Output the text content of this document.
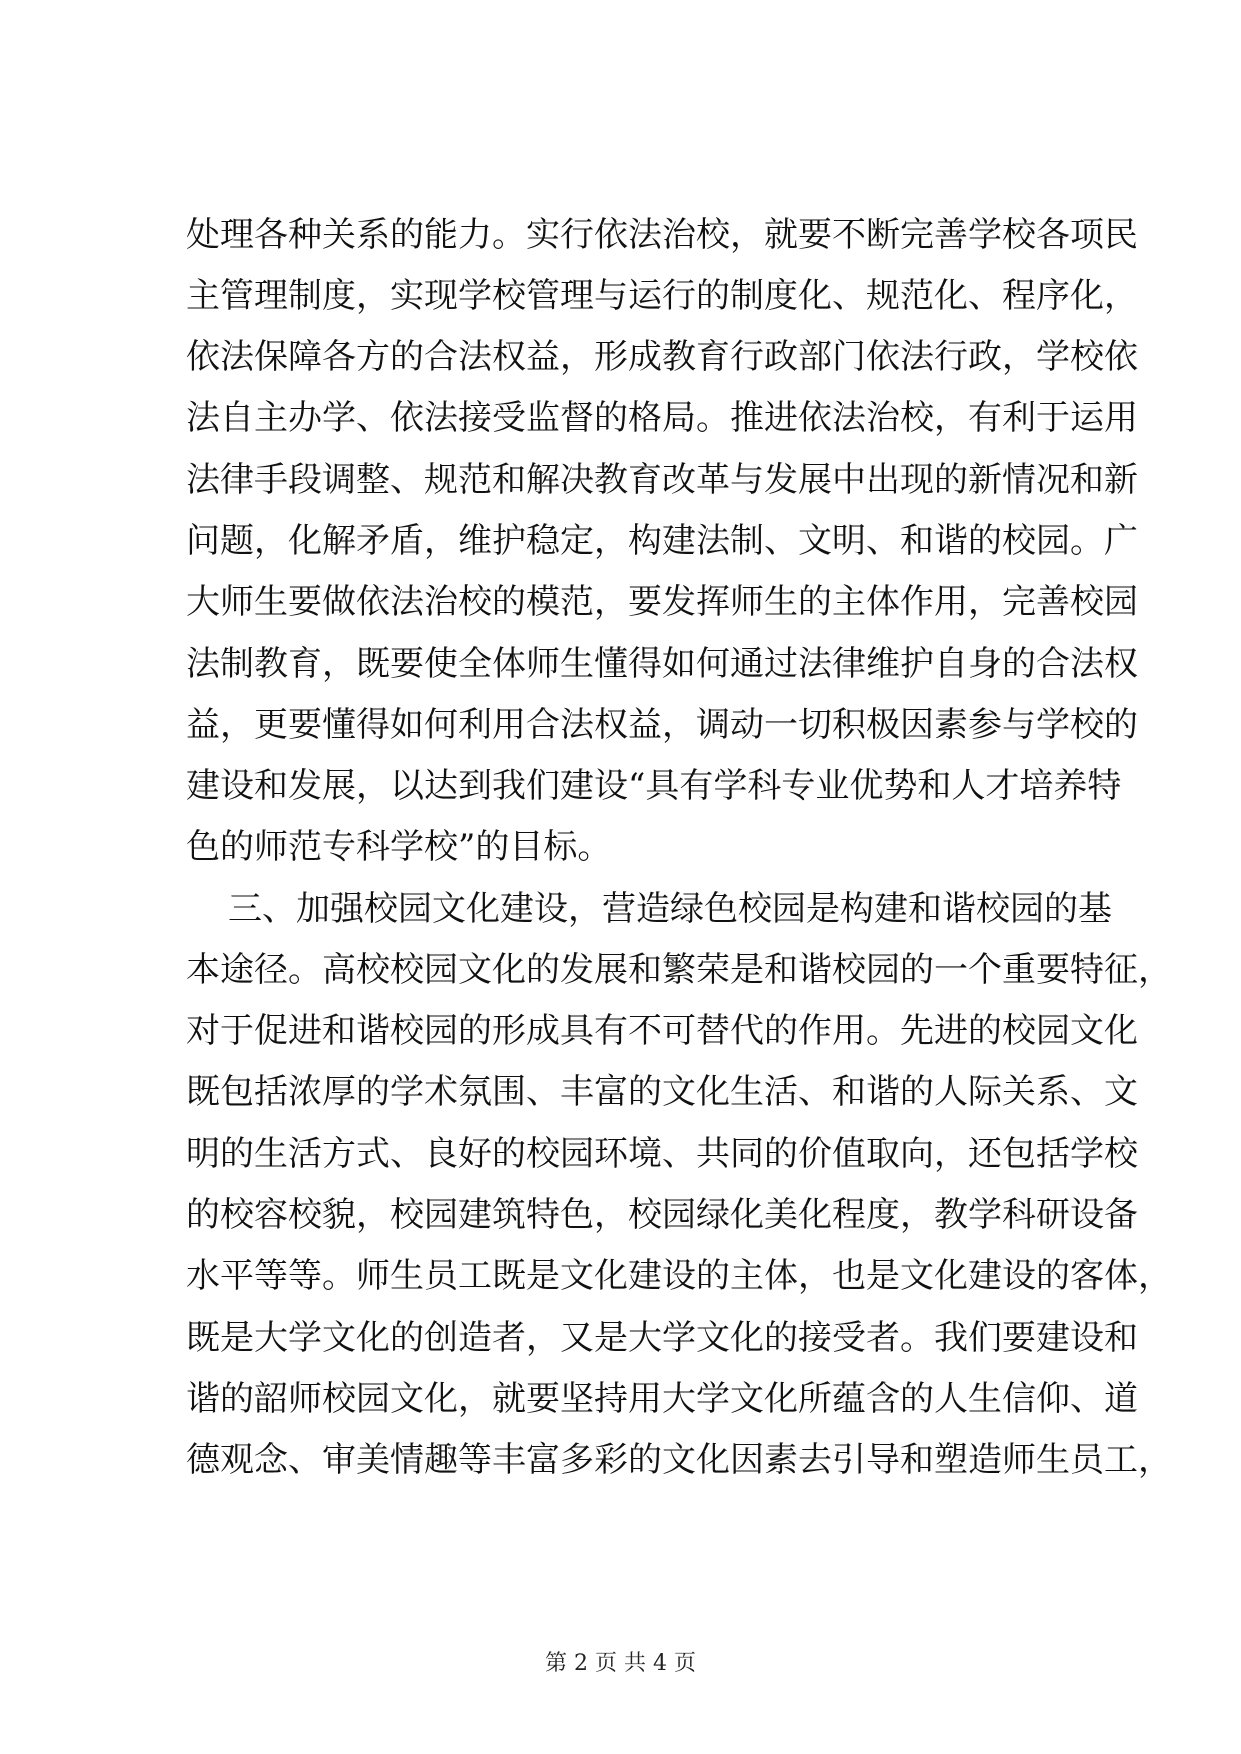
处理各种关系的能力。实行依法治校，就要不断完善学校各项民
主管理制度，实现学校管理与运行的制度化、规范化、程序化，
依法保障各方的合法权益，形成教育行政部门依法行政，学校依
法自主办学、依法接受监督的格局。推进依法治校，有利于运用
法律手段调整、规范和解决教育改革与发展中出现的新情况和新
问题，化解矛盾，维护稳定，构建法制、文明、和谐的校园。广
大师生要做依法治校的模范，要发挥师生的主体作用，完善校园
法制教育，既要使全体师生懂得如何通过法律维护自身的合法权
益，更要懂得如何利用合法权益，调动一切积极因素参与学校的
建设和发展，以达到我们建设“具有学科专业优势和人才培养特
色的师范专科学校”的目标。
三、加强校园文化建设，营造绿色校园是构建和谐校园的基
本途径。高校校园文化的发展和繁荣是和谐校园的一个重要特征，
对于促进和谐校园的形成具有不可替代的作用。先进的校园文化
既包括浓厚的学术氛围、丰富的文化生活、和谐的人际关系、文
明的生活方式、良好的校园环境、共同的价值取向，还包括学校
的校容校貌，校园建筑特色，校园绿化美化程度，教学科研设备
水平等等。师生员工既是文化建设的主体，也是文化建设的客体，
既是大学文化的创造者，又是大学文化的接受者。我们要建设和
谐的韶师校园文化，就要坚持用大学文化所蕴含的人生信仰、道
德观念、审美情趣等丰富多彩的文化因素去引导和塑造师生员工，
第 2 页 共 4 页
